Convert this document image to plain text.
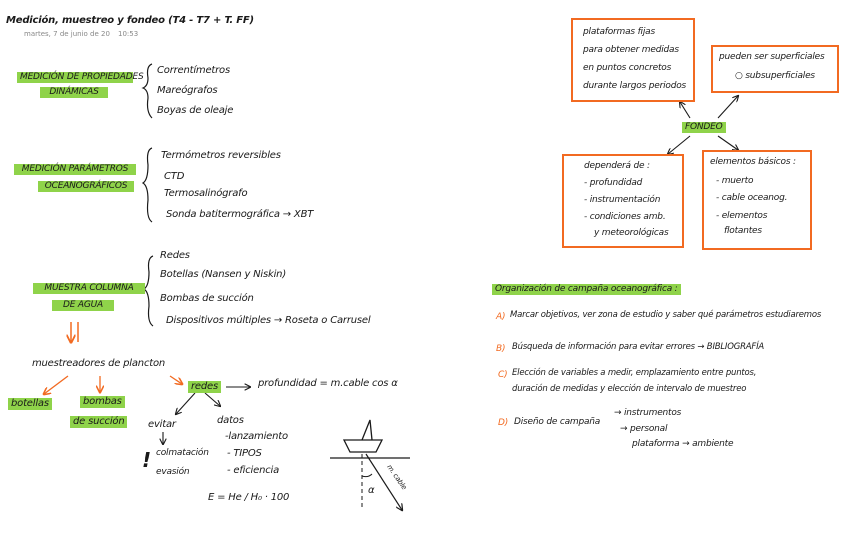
Medición, muestreo y fondeo (T4 - T7 + T. FF)
martes, 7 de junio de 20 10:53
MEDICIÓN DE PROPIEDADES
DINÁMICAS
Correntímetros
Mareógrafos
Boyas de oleaje
MEDICIÓN PARÁMETROS
OCEANOGRÁFICOS
Termómetros reversibles
CTD
Termosalinógrafo
Sonda batitermográfica → XBT
MUESTRA COLUMNA
DE AGUA
Redes
Botellas (Nansen y Niskin)
Bombas de succión
Dispositivos múltiples → Roseta o Carrusel
muestreadores de plancton
botellas	bombas
de succión
redes	profundidad = m.cable cos α
evitar
! colmatación
evasión
datos
-lanzamiento
- TIPOS
- eficiencia
E = He / H₀ · 100
m. cable
α
plataformas fijas
para obtener medidas
en puntos concretos
durante largos periodos
pueden ser superficiales
○ subsuperficiales
FONDEO
dependerá de :
- profundidad
- instrumentación
- condiciones amb.
y meteorológicas
elementos básicos :
- muerto
- cable oceanog.
- elementos
flotantes
Organización de campaña oceanográfica :
A) Marcar objetivos, ver zona de estudio y saber qué parámetros estudiaremos
B) Búsqueda de información para evitar errores → BIBLIOGRAFÍA
C) Elección de variables a medir, emplazamiento entre puntos,
duración de medidas y elección de intervalo de muestreo
D) Diseño de campaña
→ instrumentos
→ personal
plataforma → ambiente
